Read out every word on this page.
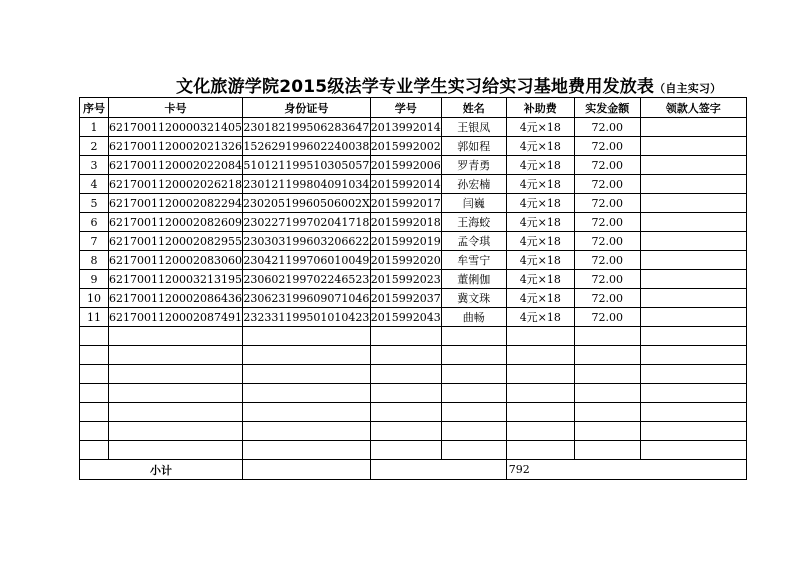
文化旅游学院2015级法学专业学生实习给实习基地费用发放表（自主实习）
序号	卡号	身份证号	学号	姓名	补助费	实发金额	领款人签字
1	6217001120000321405	230182199506283647	2013992014	王银凤	4元×18	72.00	
2	6217001120002021326	152629199602240038	2015992002	郭如程	4元×18	72.00	
3	6217001120002022084	510121199510305057	2015992006	罗青勇	4元×18	72.00	
4	6217001120002026218	230121199804091034	2015992014	孙宏楠	4元×18	72.00	
5	6217001120002082294	23020519960506002X	2015992017	闫巍	4元×18	72.00	
6	6217001120002082609	230227199702041718	2015992018	王海蛟	4元×18	72.00	
7	6217001120002082955	230303199603206622	2015992019	孟令琪	4元×18	72.00	
8	6217001120002083060	230421199706010049	2015992020	牟雪宁	4元×18	72.00	
9	6217001120003213195	230602199702246523	2015992023	董俐伽	4元×18	72.00	
10	6217001120002086436	230623199609071046	2015992037	冀文珠	4元×18	72.00	
11	6217001120002087491	232331199501010423	2015992043	曲畅	4元×18	72.00	

小计					792		
